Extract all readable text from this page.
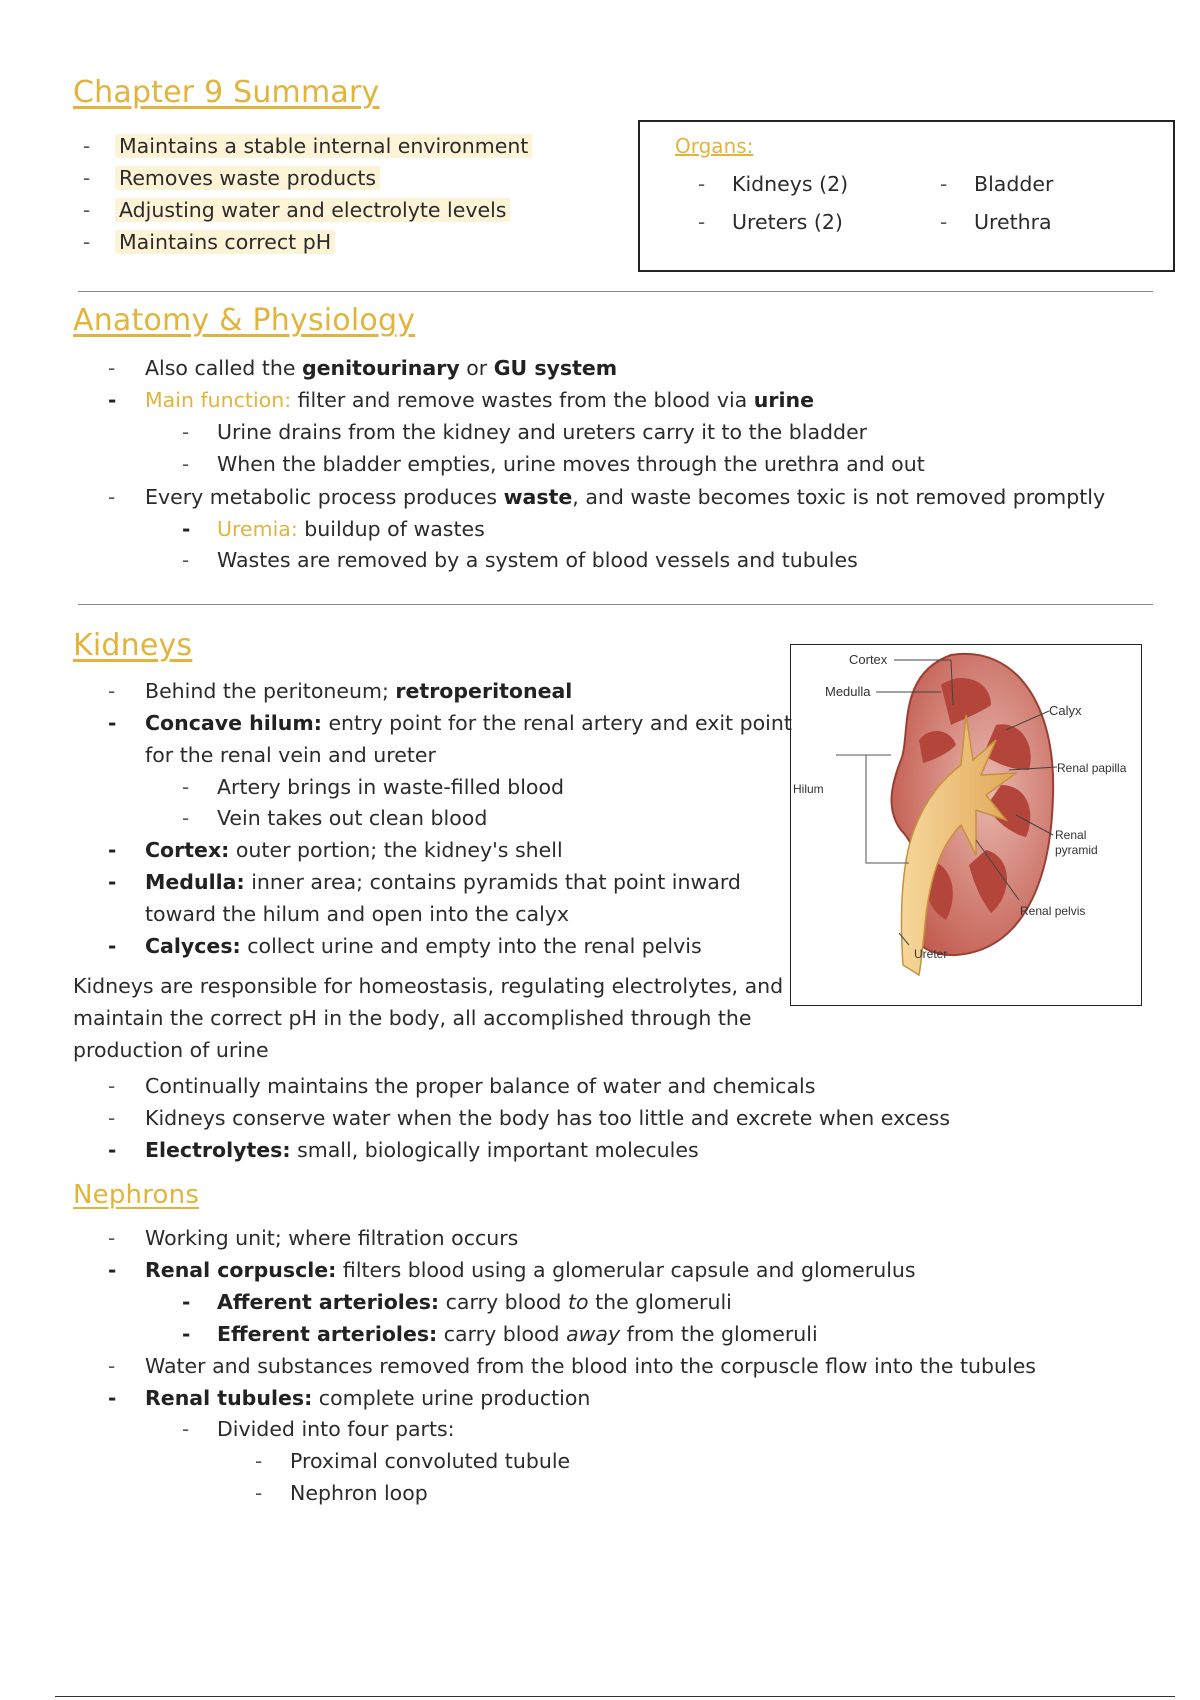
Chapter 9 Summary
- Maintains a stable internal environment
- Removes waste products
- Adjusting water and electrolyte levels
- Maintains correct pH
Organs:
- Kidneys (2)
- Ureters (2)
- Bladder
- Urethra
Anatomy & Physiology
- Also called the genitourinary or GU system
- Main function: filter and remove wastes from the blood via urine
- Urine drains from the kidney and ureters carry it to the bladder
- When the bladder empties, urine moves through the urethra and out
- Every metabolic process produces waste, and waste becomes toxic is not removed promptly
- Uremia: buildup of wastes
- Wastes are removed by a system of blood vessels and tubules
Kidneys
- Behind the peritoneum; retroperitoneal
- Concave hilum: entry point for the renal artery and exit point
for the renal vein and ureter
- Artery brings in waste-filled blood
- Vein takes out clean blood
- Cortex: outer portion; the kidney's shell
- Medulla: inner area; contains pyramids that point inward
toward the hilum and open into the calyx
- Calyces: collect urine and empty into the renal pelvis
Kidneys are responsible for homeostasis, regulating electrolytes, and
maintain the correct pH in the body, all accomplished through the
production of urine
- Continually maintains the proper balance of water and chemicals
- Kidneys conserve water when the body has too little and excrete when excess
- Electrolytes: small, biologically important molecules
Cortex
Medulla
Calyx
Renal papilla
Renal
pyramid
Hilum
Renal pelvis
Ureter
Nephrons
- Working unit; where filtration occurs
- Renal corpuscle: filters blood using a glomerular capsule and glomerulus
- Afferent arterioles: carry blood to the glomeruli
- Efferent arterioles: carry blood away from the glomeruli
- Water and substances removed from the blood into the corpuscle flow into the tubules
- Renal tubules: complete urine production
- Divided into four parts:
- Proximal convoluted tubule
- Nephron loop
